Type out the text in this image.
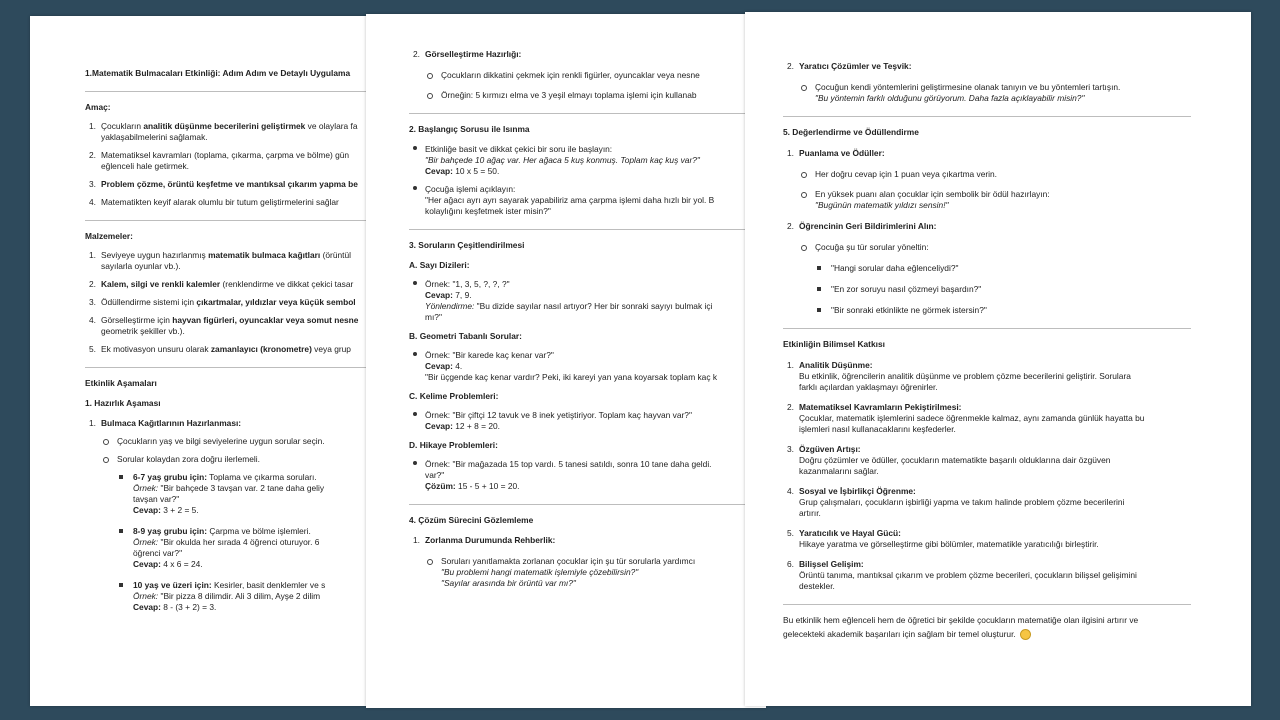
1.Matematik Bulmacaları Etkinliği: Adım Adım ve Detaylı Uygulama
Amaç:
1. Çocukların analitik düşünme becerilerini geliştirmek ve olaylara fa
yaklaşabilmelerini sağlamak.
2. Matematiksel kavramları (toplama, çıkarma, çarpma ve bölme) gün
eğlenceli hale getirmek.
3. Problem çözme, örüntü keşfetme ve mantıksal çıkarım yapma be
4. Matematikten keyif alarak olumlu bir tutum geliştirmelerini sağlar
Malzemeler:
1. Seviyeye uygun hazırlanmış matematik bulmaca kağıtları (örüntül
sayılarla oyunlar vb.).
2. Kalem, silgi ve renkli kalemler (renklendirme ve dikkat çekici tasar
3. Ödüllendirme sistemi için çıkartmalar, yıldızlar veya küçük sembol
4. Görselleştirme için hayvan figürleri, oyuncaklar veya somut nesne
geometrik şekiller vb.).
5. Ek motivasyon unsuru olarak zamanlayıcı (kronometre) veya grup
Etkinlik Aşamaları
1. Hazırlık Aşaması
1. Bulmaca Kağıtlarının Hazırlanması:
Çocukların yaş ve bilgi seviyelerine uygun sorular seçin.
Sorular kolaydan zora doğru ilerlemeli.
6-7 yaş grubu için: Toplama ve çıkarma soruları.
Örnek: "Bir bahçede 3 tavşan var. 2 tane daha geliy
tavşan var?"
Cevap: 3 + 2 = 5.
8-9 yaş grubu için: Çarpma ve bölme işlemleri.
Örnek: "Bir okulda her sırada 4 öğrenci oturuyor. 6
öğrenci var?"
Cevap: 4 x 6 = 24.
10 yaş ve üzeri için: Kesirler, basit denklemler ve s
Örnek: "Bir pizza 8 dilimdir. Ali 3 dilim, Ayşe 2 dilim
Cevap: 8 - (3 + 2) = 3.
2. Görselleştirme Hazırlığı:
Çocukların dikkatini çekmek için renkli figürler, oyuncaklar veya nesne
Örneğin: 5 kırmızı elma ve 3 yeşil elmayı toplama işlemi için kullanab
2. Başlangıç Sorusu ile Isınma
Etkinliğe basit ve dikkat çekici bir soru ile başlayın:
"Bir bahçede 10 ağaç var. Her ağaca 5 kuş konmuş. Toplam kaç kuş var?"
Cevap: 10 x 5 = 50.
Çocuğa işlemi açıklayın:
"Her ağacı ayrı ayrı sayarak yapabiliriz ama çarpma işlemi daha hızlı bir yol. B
kolaylığını keşfetmek ister misin?"
3. Soruların Çeşitlendirilmesi
A. Sayı Dizileri:
Örnek: "1, 3, 5, ?, ?, ?"
Cevap: 7, 9.
Yönlendirme: "Bu dizide sayılar nasıl artıyor? Her bir sonraki sayıyı bulmak içi
mı?"
B. Geometri Tabanlı Sorular:
Örnek: "Bir karede kaç kenar var?"
Cevap: 4.
"Bir üçgende kaç kenar vardır? Peki, iki kareyi yan yana koyarsak toplam kaç k
C. Kelime Problemleri:
Örnek: "Bir çiftçi 12 tavuk ve 8 inek yetiştiriyor. Toplam kaç hayvan var?"
Cevap: 12 + 8 = 20.
D. Hikaye Problemleri:
Örnek: "Bir mağazada 15 top vardı. 5 tanesi satıldı, sonra 10 tane daha geldi.
var?"
Çözüm: 15 - 5 + 10 = 20.
4. Çözüm Sürecini Gözlemleme
1. Zorlanma Durumunda Rehberlik:
Soruları yanıtlamakta zorlanan çocuklar için şu tür sorularla yardımcı
"Bu problemi hangi matematik işlemiyle çözebilirsin?"
"Sayılar arasında bir örüntü var mı?"
2. Yaratıcı Çözümler ve Teşvik:
Çocuğun kendi yöntemlerini geliştirmesine olanak tanıyın ve bu yöntemleri tartışın.
"Bu yöntemin farklı olduğunu görüyorum. Daha fazla açıklayabilir misin?"
5. Değerlendirme ve Ödüllendirme
1. Puanlama ve Ödüller:
Her doğru cevap için 1 puan veya çıkartma verin.
En yüksek puanı alan çocuklar için sembolik bir ödül hazırlayın:
"Bugünün matematik yıldızı sensin!"
2. Öğrencinin Geri Bildirimlerini Alın:
Çocuğa şu tür sorular yöneltin:
"Hangi sorular daha eğlenceliydi?"
"En zor soruyu nasıl çözmeyi başardın?"
"Bir sonraki etkinlikte ne görmek istersin?"
Etkinliğin Bilimsel Katkısı
1. Analitik Düşünme:
Bu etkinlik, öğrencilerin analitik düşünme ve problem çözme becerilerini geliştirir. Sorulara
farklı açılardan yaklaşmayı öğrenirler.
2. Matematiksel Kavramların Pekiştirilmesi:
Çocuklar, matematik işlemlerini sadece öğrenmekle kalmaz, aynı zamanda günlük hayatta bu
işlemleri nasıl kullanacaklarını keşfederler.
3. Özgüven Artışı:
Doğru çözümler ve ödüller, çocukların matematikte başarılı olduklarına dair özgüven
kazanmalarını sağlar.
4. Sosyal ve İşbirlikçi Öğrenme:
Grup çalışmaları, çocukların işbirliği yapma ve takım halinde problem çözme becerilerini
artırır.
5. Yaratıcılık ve Hayal Gücü:
Hikaye yaratma ve görselleştirme gibi bölümler, matematikle yaratıcılığı birleştirir.
6. Bilişsel Gelişim:
Örüntü tanıma, mantıksal çıkarım ve problem çözme becerileri, çocukların bilişsel gelişimini
destekler.
Bu etkinlik hem eğlenceli hem de öğretici bir şekilde çocukların matematiğe olan ilgisini artırır ve
gelecekteki akademik başarıları için sağlam bir temel oluşturur.
